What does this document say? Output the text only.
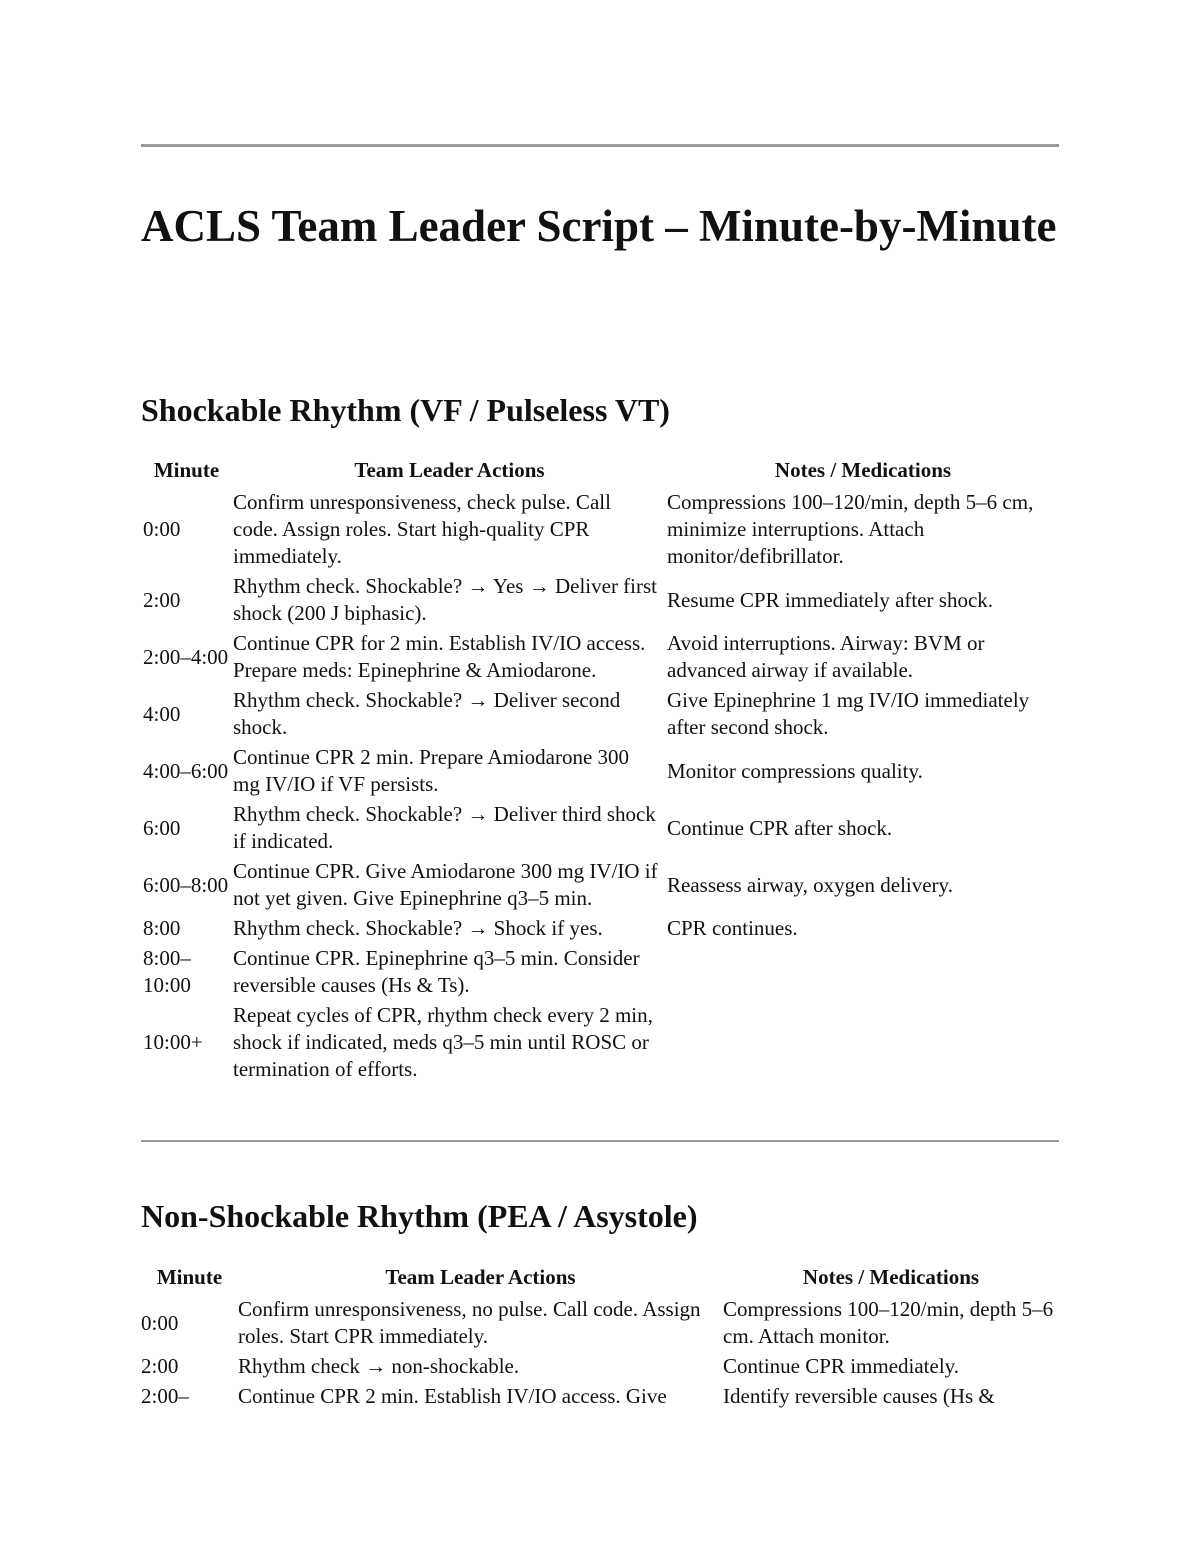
ACLS Team Leader Script – Minute-by-Minute
Shockable Rhythm (VF / Pulseless VT)
Minute	Team Leader Actions	Notes / Medications
0:00	Confirm unresponsiveness, check pulse. Call code. Assign roles. Start high-quality CPR immediately.	Compressions 100–120/min, depth 5–6 cm, minimize interruptions. Attach monitor/defibrillator.
2:00	Rhythm check. Shockable? → Yes → Deliver first shock (200 J biphasic).	Resume CPR immediately after shock.
2:00–4:00	Continue CPR for 2 min. Establish IV/IO access. Prepare meds: Epinephrine & Amiodarone.	Avoid interruptions. Airway: BVM or advanced airway if available.
4:00	Rhythm check. Shockable? → Deliver second shock.	Give Epinephrine 1 mg IV/IO immediately after second shock.
4:00–6:00	Continue CPR 2 min. Prepare Amiodarone 300 mg IV/IO if VF persists.	Monitor compressions quality.
6:00	Rhythm check. Shockable? → Deliver third shock if indicated.	Continue CPR after shock.
6:00–8:00	Continue CPR. Give Amiodarone 300 mg IV/IO if not yet given. Give Epinephrine q3–5 min.	Reassess airway, oxygen delivery.
8:00	Rhythm check. Shockable? → Shock if yes.	CPR continues.
8:00–10:00	Continue CPR. Epinephrine q3–5 min. Consider reversible causes (Hs & Ts).	
10:00+	Repeat cycles of CPR, rhythm check every 2 min, shock if indicated, meds q3–5 min until ROSC or termination of efforts.	
Non-Shockable Rhythm (PEA / Asystole)
Minute	Team Leader Actions	Notes / Medications
0:00	Confirm unresponsiveness, no pulse. Call code. Assign roles. Start CPR immediately.	Compressions 100–120/min, depth 5–6 cm. Attach monitor.
2:00	Rhythm check → non-shockable.	Continue CPR immediately.
2:00–	Continue CPR 2 min. Establish IV/IO access. Give	Identify reversible causes (Hs &
